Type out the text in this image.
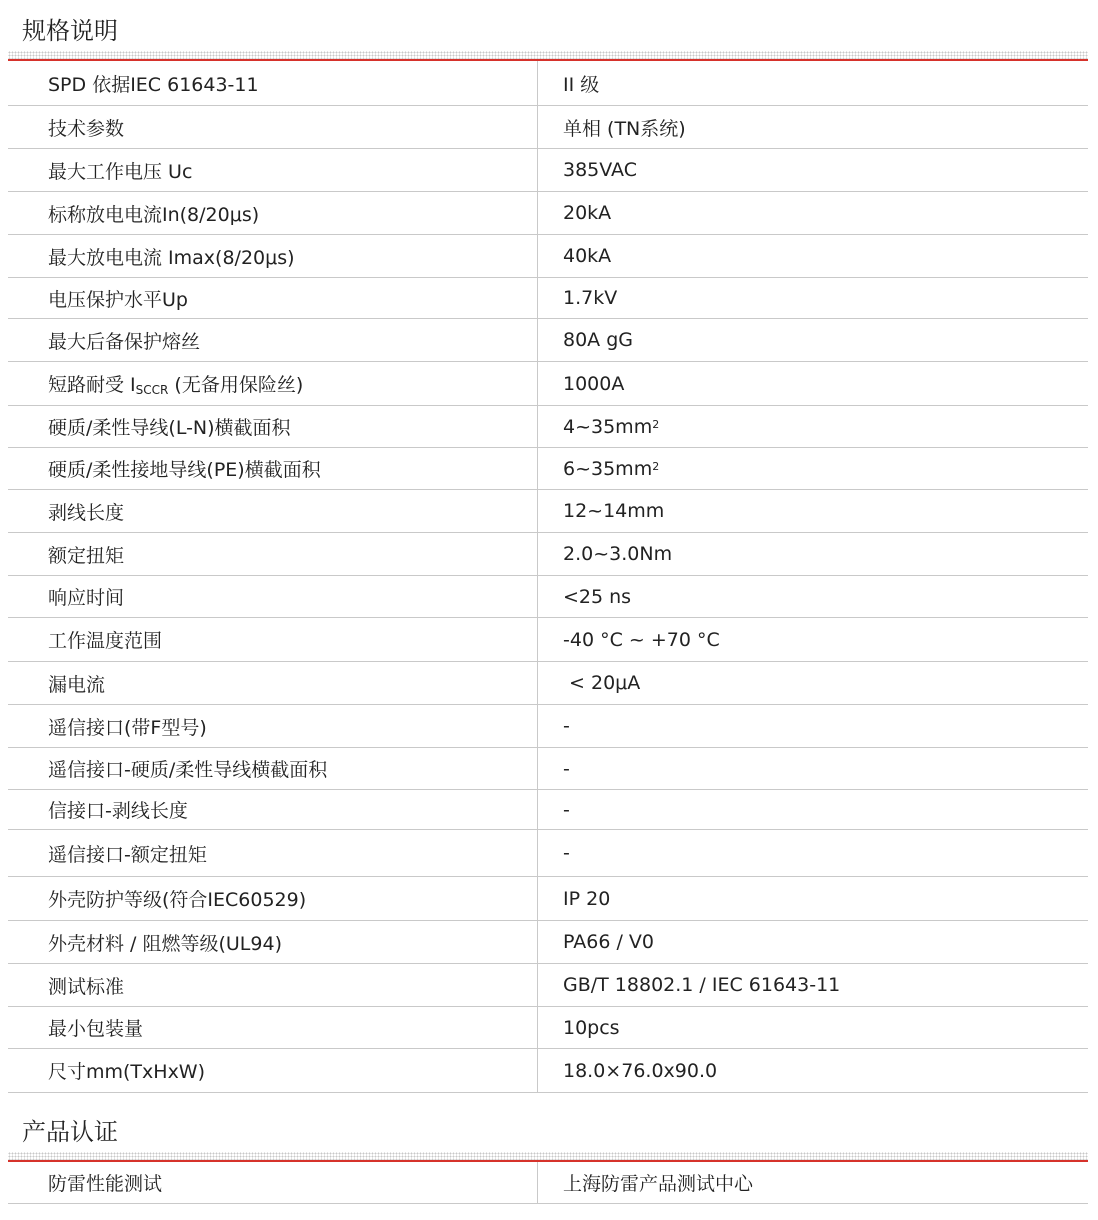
规格说明
SPD 依据IEC 61643-11	II 级
技术参数	单相 (TN系统)
最大工作电压 Uc	385VAC
标称放电电流In(8/20μs)	20kA
最大放电电流 Imax(8/20μs)	40kA
电压保护水平Up	1.7kV
最大后备保护熔丝	80A gG
短路耐受 $I_{SCCR}$ (无备用保险丝)	1000A
硬质/柔性导线(L-N)横截面积	4~35mm 2
硬质/柔性接地导线(PE)横截面积	6~35mm 2
剥线长度	12~14mm
额定扭矩	2.0~3.0Nm
响应时间	<25 ns
工作温度范围	-40 °C ~ +70 °C
漏电流	< 20μA
遥信接口(带F型号)	-
遥信接口-硬质/柔性导线横截面积	-
信接口-剥线长度	-
遥信接口-额定扭矩	-
外壳防护等级(符合IEC60529)	IP 20
外壳材料 / 阻燃等级(UL94)	PA66 / V0
测试标准	GB/T 18802.1 / IEC 61643-11
最小包装量	10pcs
尺寸mm(TxHxW)	18.0×76.0x90.0
产品认证
防雷性能测试	上海防雷产品测试中心
